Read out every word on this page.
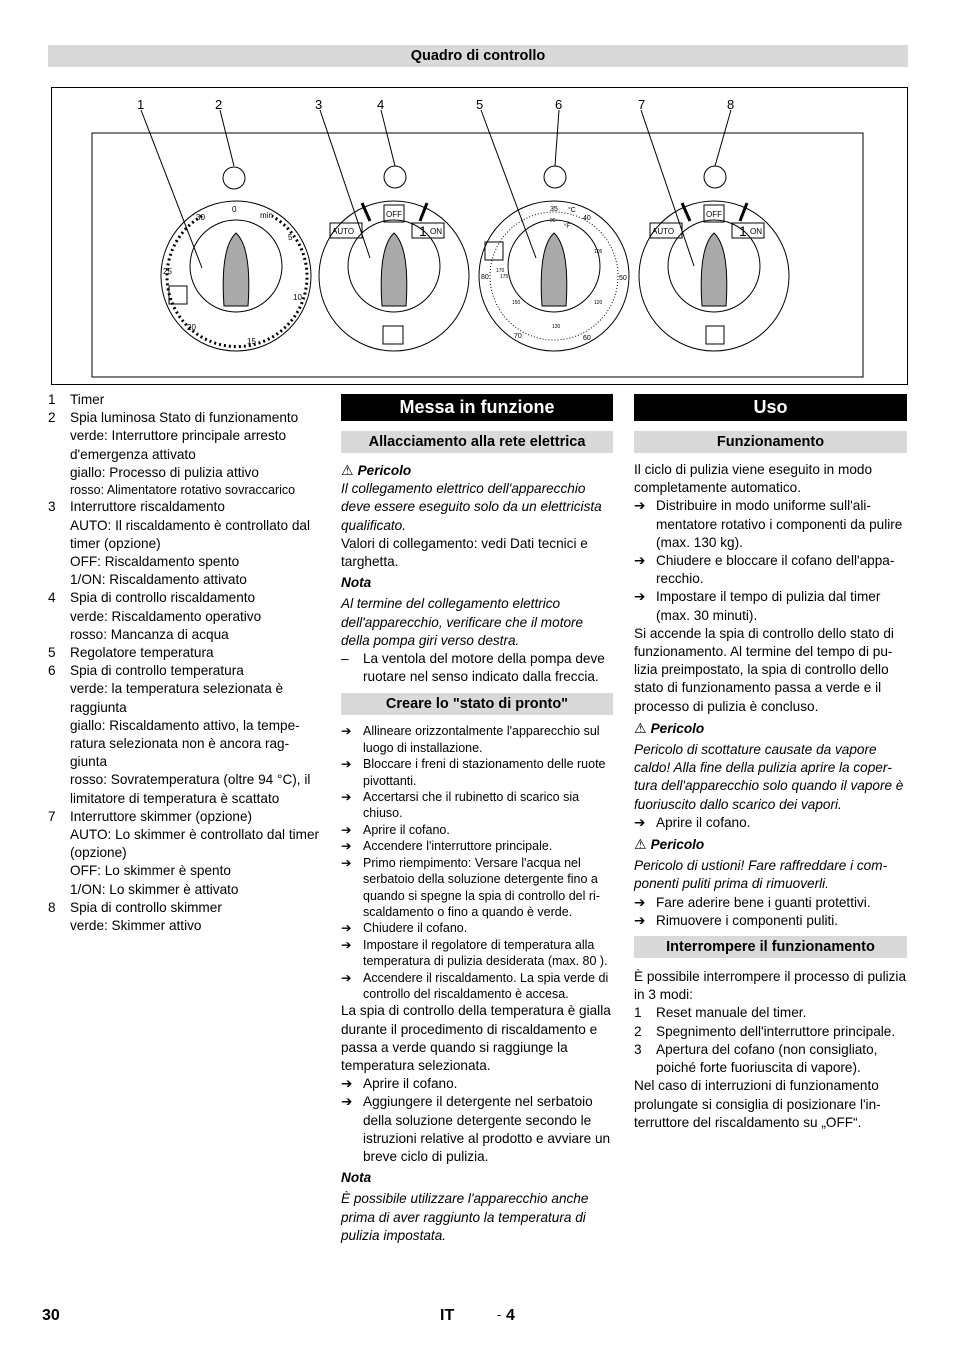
Quadro di controllo
1	2	3	4	5	6	7	8
0
min
5
10
15
20
25
30
AUTO
OFF
1 ON	AUTO
OFF
1 ON
35 °C
40
°F
50
60
70
80
95
105
120
130
150
170
175
1 Timer
2 Spia luminosa Stato di funzionamento
verde: Interruttore principale arresto d'emergenza attivato
giallo: Processo di pulizia attivo
rosso: Alimentatore rotativo sovraccarico
3 Interruttore riscaldamento
AUTO: Il riscaldamento è controllato dal timer (opzione)
OFF: Riscaldamento spento
1/ON: Riscaldamento attivato
4 Spia di controllo riscaldamento
verde: Riscaldamento operativo
rosso: Mancanza di acqua
5 Regolatore temperatura
6 Spia di controllo temperatura
verde: la temperatura selezionata è raggiunta
giallo: Riscaldamento attivo, la temperatura selezionata non è ancora raggiunta
rosso: Sovratemperatura (oltre 94 °C), il limitatore di temperatura è scattato
7 Interruttore skimmer (opzione)
AUTO: Lo skimmer è controllato dal timer (opzione)
OFF: Lo skimmer è spento
1/ON: Lo skimmer è attivato
8 Spia di controllo skimmer
verde: Skimmer attivo
Messa in funzione
Allacciamento alla rete elettrica

⚠ Pericolo

Il collegamento elettrico dell'apparecchio deve essere eseguito solo da un elettricista qualificato.

Valori di collegamento: vedi Dati tecnici e targhetta.

Nota

Al termine del collegamento elettrico dell'apparecchio, verificare che il motore della pompa giri verso destra.

– La ventola del motore della pompa deve ruotare nel senso indicato dalla freccia.
Creare lo "stato di pronto"
➔ Allineare orizzontalmente l'apparecchio sul luogo di installazione.
➔ Bloccare i freni di stazionamento delle ruote pivottanti.
➔ Accertarsi che il rubinetto di scarico sia chiuso.
➔ Aprire il cofano.
➔ Accendere l'interruttore principale.
➔ Primo riempimento: Versare l'acqua nel serbatoio della soluzione detergente fino a quando si spegne la spia di controllo del riscaldamento o fino a quando è verde.
➔ Chiudere il cofano.
➔ Impostare il regolatore di temperatura alla temperatura di pulizia desiderata (max. 80 ).
➔ Accendere il riscaldamento. La spia verde di controllo del riscaldamento è accesa.

La spia di controllo della temperatura è gialla durante il procedimento di riscaldamento e passa a verde quando si raggiunge la temperatura selezionata.

➔ Aprire il cofano.
➔ Aggiungere il detergente nel serbatoio della soluzione detergente secondo le istruzioni relative al prodotto e avviare un breve ciclo di pulizia.

Nota

È possibile utilizzare l'apparecchio anche prima di aver raggiunto la temperatura di pulizia impostata.

Uso
Funzionamento

Il ciclo di pulizia viene eseguito in modo completamente automatico.

➔ Distribuire in modo uniforme sull'alimentatore rotativo i componenti da pulire (max. 130 kg).
➔ Chiudere e bloccare il cofano dell'apparecchio.
➔ Impostare il tempo di pulizia dal timer (max. 30 minuti).

Si accende la spia di controllo dello stato di funzionamento. Al termine del tempo di pulizia preimpostato, la spia di controllo dello stato di funzionamento passa a verde e il processo di pulizia è concluso.

⚠ Pericolo

Pericolo di scottature causate da vapore caldo! Alla fine della pulizia aprire la copertura dell'apparecchio solo quando il vapore è fuoriuscito dallo scarico dei vapori.

➔ Aprire il cofano.

⚠ Pericolo

Pericolo di ustioni! Fare raffreddare i componenti puliti prima di rimuoverli.

➔ Fare aderire bene i guanti protettivi.
➔ Rimuovere i componenti puliti.
Interrompere il funzionamento

È possibile interrompere il processo di pulizia in 3 modi:

1 Reset manuale del timer.
2 Spegnimento dell'interruttore principale.
3 Apertura del cofano (non consigliato, poiché forte fuoriuscita di vapore).

Nel caso di interruzioni di funzionamento prolungate si consiglia di posizionare l'interruttore del riscaldamento su „OFF“.

30	IT	- 4
